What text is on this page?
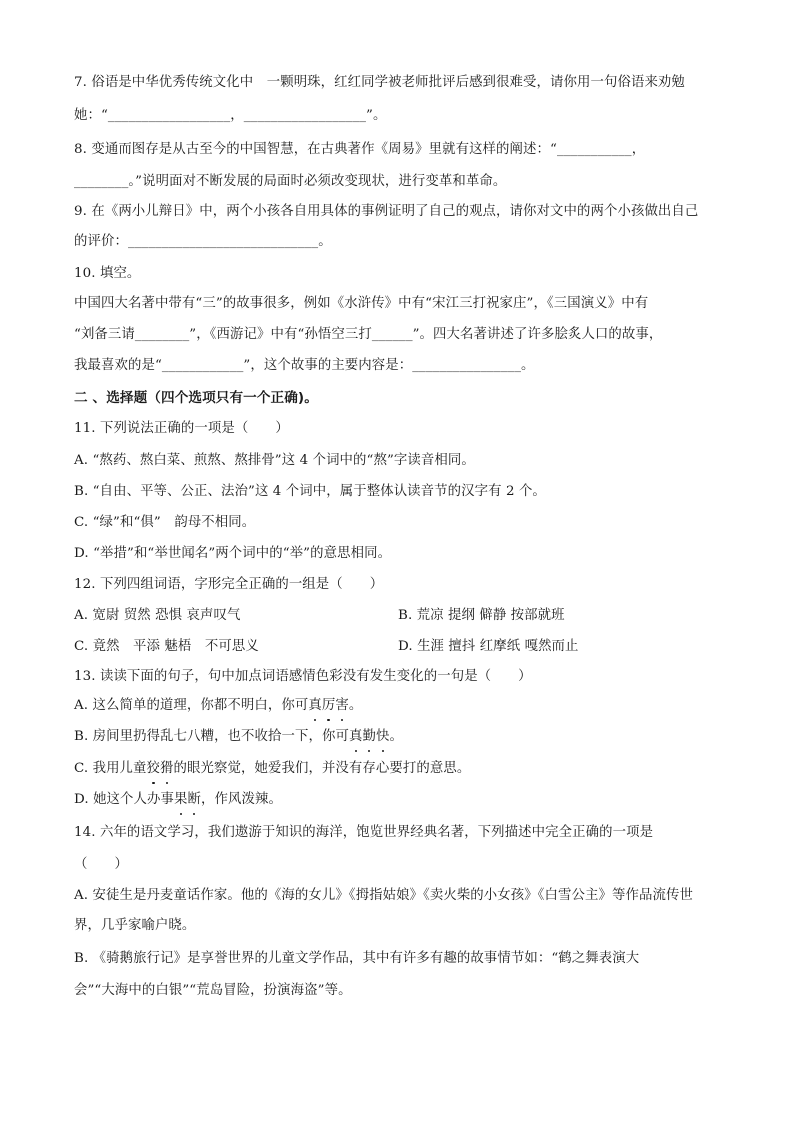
7. 俗语是中华优秀传统文化中　一颗明珠，红红同学被老师批评后感到很难受，请你用一句俗语来劝勉
她：“__________________，__________________”。
8. 变通而图存是从古至今的中国智慧，在古典著作《周易》里就有这样的阐述：“___________，
________。”说明面对不断发展的局面时必须改变现状，进行变革和革命。
9. 在《两小儿辩日》中，两个小孩各自用具体的事例证明了自己的观点，请你对文中的两个小孩做出自己
的评价：____________________________。
10. 填空。
中国四大名著中带有“三”的故事很多，例如《水浒传》中有“宋江三打祝家庄”，《三国演义》中有
“刘备三请________”，《西游记》中有“孙悟空三打______”。四大名著讲述了许多脍炙人口的故事，
我最喜欢的是“____________”，这个故事的主要内容是：________________。
二 、选择题（四个选项只有一个正确)。
11. 下列说法正确的一项是（　　）
A. “熬药、熬白菜、煎熬、熬排骨”这 4 个词中的“熬”字读音相同。
B. “自由、平等、公正、法治”这 4 个词中，属于整体认读音节的汉字有 2 个。
C. “绿”和“俱”　韵母不相同。
D. “举措”和“举世闻名”两个词中的“举”的意思相同。
12. 下列四组词语，字形完全正确的一组是（　　）
A. 宽尉 贸然 恐惧 哀声叹气	B. 荒凉 提纲 僻静 按部就班
C. 竟然　平添 魅梧　不可思义	D. 生涯 擅抖 红摩纸 嘎然而止
13. 读读下面的句子，句中加点词语感情色彩没有发生变化的一句是（　　）
A. 这么简单的道理，你都不明白，你可真厉害。
B. 房间里扔得乱七八糟，也不收拾一下，你可真勤快。
C. 我用儿童狡猾的眼光察觉，她爱我们，并没有存心要打的意思。
D. 她这个人办事果断，作风泼辣。
14. 六年的语文学习，我们遨游于知识的海洋，饱览世界经典名著，下列描述中完全正确的一项是
（　　）
A. 安徒生是丹麦童话作家。他的《海的女儿》《拇指姑娘》《卖火柴的小女孩》《白雪公主》等作品流传世
界，几乎家喻户晓。
B. 《骑鹅旅行记》是享誉世界的儿童文学作品，其中有许多有趣的故事情节如：“鹤之舞表演大
会”“大海中的白银”“荒岛冒险，扮演海盗”等。
